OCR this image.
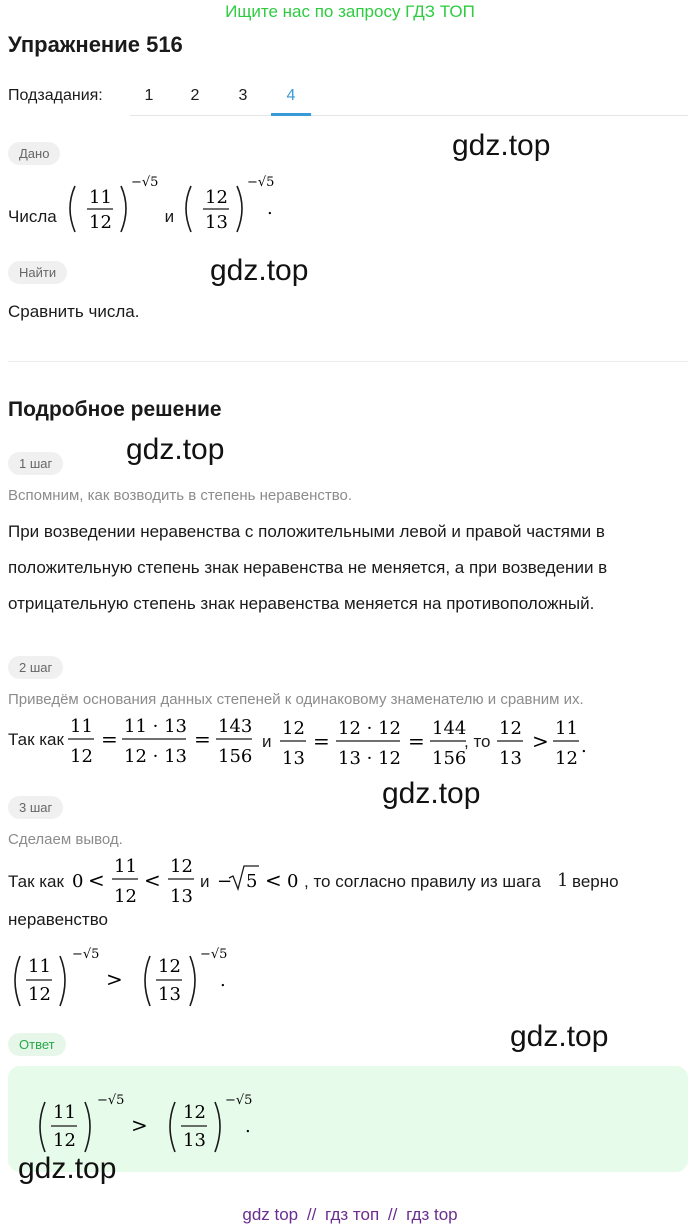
Ищите нас по запросу ГДЗ ТОП
Упражнение 516
Подзадания:	1	2	3	4
Дано	gdz.top
Числа
11
12
−√5
и
12
13
−√5
.
Найти	gdz.top
Сравнить числа.
Подробное решение
gdz.top
1 шаг
Вспомним, как возводить в степень неравенство.
При возведении неравенства с положительными левой и правой частями в положительную степень знак неравенства не меняется, а при возведении в отрицательную степень знак неравенства меняется на противоположный.
2 шаг
Приведём основания данных степеней к одинаковому знаменателю и сравним их.
Так как
11
12
=
11 · 13
12 · 13
=
143
156
и
12
13
=
12 · 12
13 · 12
=
144
156
, то
12
13
>
11
12
.
gdz.top
3 шаг
Сделаем вывод.
Так как 0 <
11
12
<
12
13
и − 5 < 0 , то согласно правилу из шага 1 верно
неравенство
11
12
−√5
>
12
13
−√5
.
Ответ	gdz.top
11
12
−√5
>
12
13
−√5
.
gdz.top
gdz top // гдз топ // гдз top
